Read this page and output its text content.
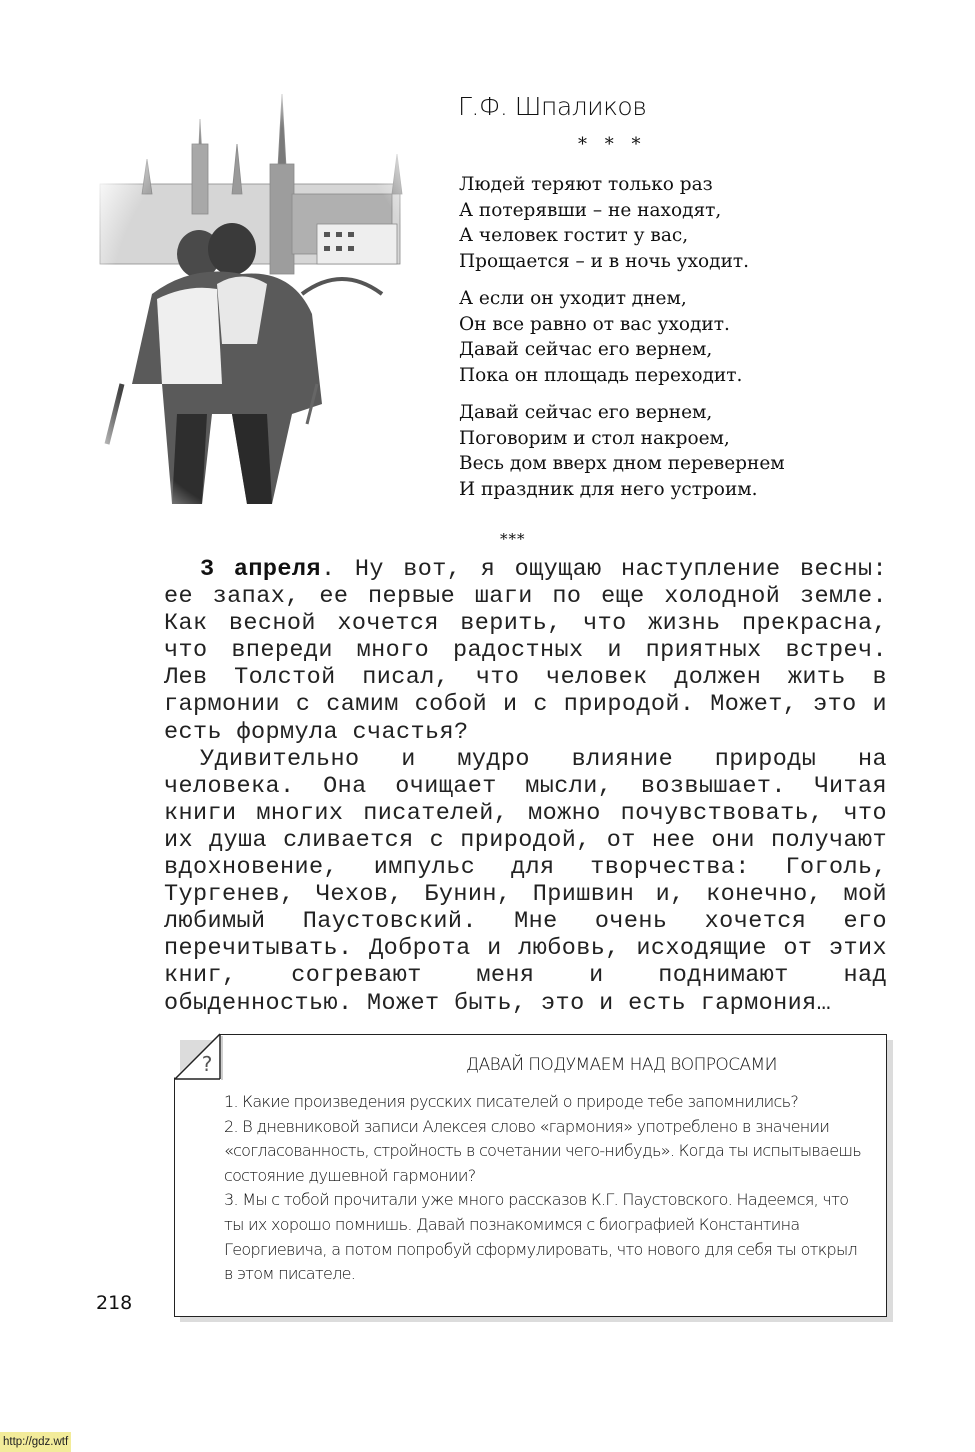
Г.Ф. Шпаликов
* * *
Людей теряют только раз
А потерявши – не находят,
А человек гостит у вас,
Прощается – и в ночь уходит.
А если он уходит днем,
Он все равно от вас уходит.
Давай сейчас его вернем,
Пока он площадь переходит.
Давай сейчас его вернем,
Поговорим и стол накроем,
Весь дом вверх дном перевернем
И праздник для него устроим.
***

3 апреля. Ну вот, я ощущаю наступление весны: ее запах, ее первые шаги по еще холодной земле. Как весной хочется верить, что жизнь прекрасна, что впереди много радостных и приятных встреч. Лев Толстой писал, что человек должен жить в гармонии с самим собой и с природой. Может, это и есть формула счастья?

Удивительно и мудро влияние природы на человека. Она очищает мысли, возвышает. Читая книги многих писателей, можно почувствовать, что их душа сливается с природой, от нее они получают вдохновение, импульс для творчества: Гоголь, Тургенев, Чехов, Бунин, Пришвин и, конечно, мой любимый Паустовский. Мне очень хочется его перечитывать. Доброта и любовь, исходящие от этих книг, согревают меня и поднимают над обыденностью. Может быть, это и есть гармония…

?	ДАВАЙ ПОДУМАЕМ НАД ВОПРОСАМИ

1. Какие произведения русских писателей о природе тебе запомнились?

2. В дневниковой записи Алексея слово «гармония» употреблено в значении «согласованность, стройность в сочетании чего-нибудь». Когда ты испытываешь состояние душевной гармонии?

3. Мы с тобой прочитали уже много рассказов К.Г. Паустовского. Надеемся, что ты их хорошо помнишь. Давай познакомимся с биографией Константина Георгиевича, а потом попробуй сформулировать, что нового для себя ты открыл в этом писателе.

218
http://gdz.wtf
